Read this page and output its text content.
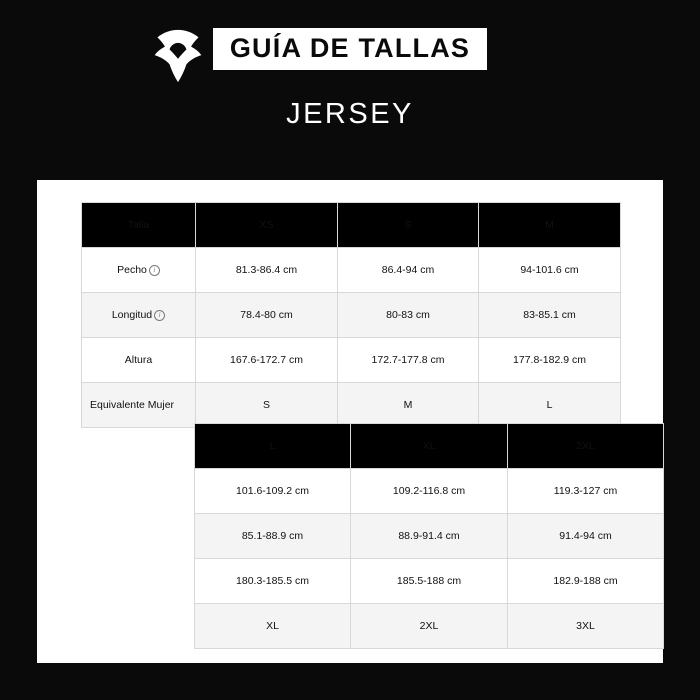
GUÍA DE TALLAS
JERSEY
Talla	XS	S	M
Pecho i	81.3-86.4 cm	86.4-94 cm	94-101.6 cm
Longitud i	78.4-80 cm	80-83 cm	83-85.1 cm
Altura	167.6-172.7 cm	172.7-177.8 cm	177.8-182.9 cm
Equivalente Mujer	S	M	L
L	XL	2XL
101.6-109.2 cm	109.2-116.8 cm	119.3-127 cm
85.1-88.9 cm	88.9-91.4 cm	91.4-94 cm
180.3-185.5 cm	185.5-188 cm	182.9-188 cm
XL	2XL	3XL
